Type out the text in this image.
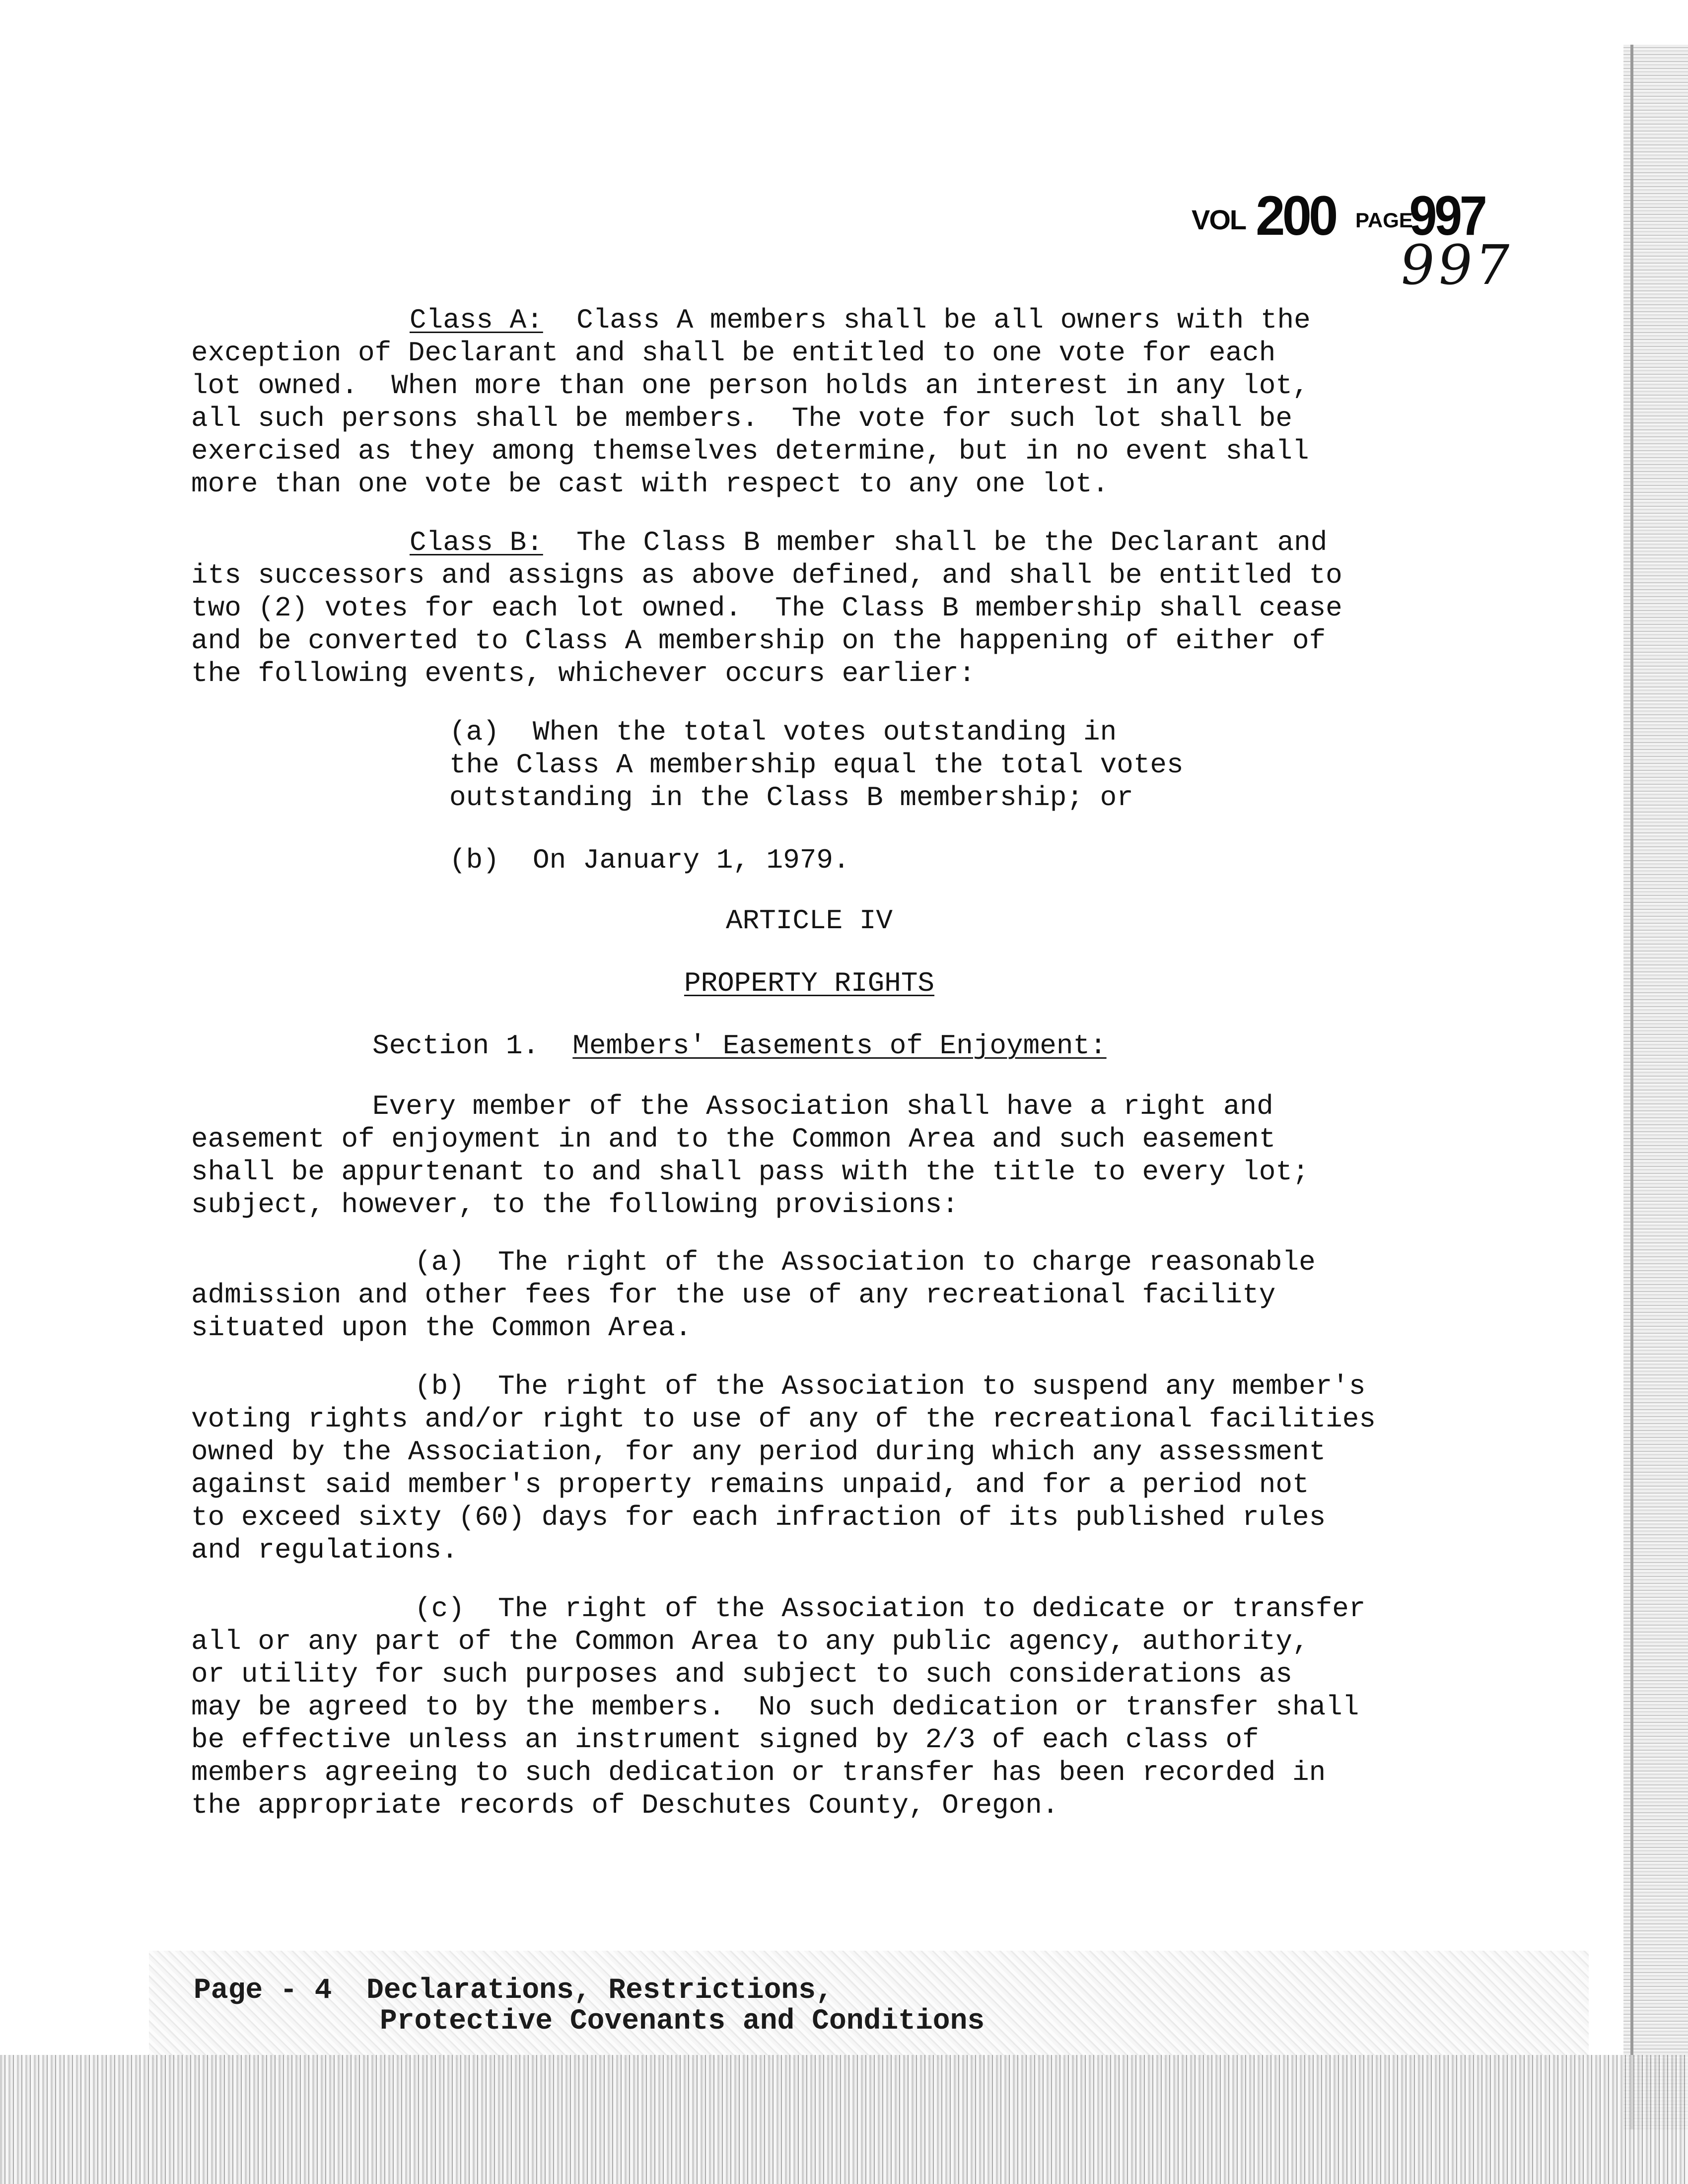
VOL 200 PAGE
997
997
Class A: Class A members shall be all owners with the
exception of Declarant and shall be entitled to one vote for each
lot owned.  When more than one person holds an interest in any lot,
all such persons shall be members.  The vote for such lot shall be
exercised as they among themselves determine, but in no event shall
more than one vote be cast with respect to any one lot.
Class B: The Class B member shall be the Declarant and
its successors and assigns as above defined, and shall be entitled to
two (2) votes for each lot owned.  The Class B membership shall cease
and be converted to Class A membership on the happening of either of
the following events, whichever occurs earlier:
(a)  When the total votes outstanding in
the Class A membership equal the total votes
outstanding in the Class B membership; or
(b)  On January 1, 1979.
ARTICLE IV
PROPERTY RIGHTS
Section 1. Members' Easements of Enjoyment:
Every member of the Association shall have a right and
easement of enjoyment in and to the Common Area and such easement
shall be appurtenant to and shall pass with the title to every lot;
subject, however, to the following provisions:
(a)  The right of the Association to charge reasonable
admission and other fees for the use of any recreational facility
situated upon the Common Area.
(b)  The right of the Association to suspend any member's
voting rights and/or right to use of any of the recreational facilities
owned by the Association, for any period during which any assessment
against said member's property remains unpaid, and for a period not
to exceed sixty (60) days for each infraction of its published rules
and regulations.
(c)  The right of the Association to dedicate or transfer
all or any part of the Common Area to any public agency, authority,
or utility for such purposes and subject to such considerations as
may be agreed to by the members.  No such dedication or transfer shall
be effective unless an instrument signed by 2/3 of each class of
members agreeing to such dedication or transfer has been recorded in
the appropriate records of Deschutes County, Oregon.
Page - 4 Declarations, Restrictions,
Protective Covenants and Conditions
